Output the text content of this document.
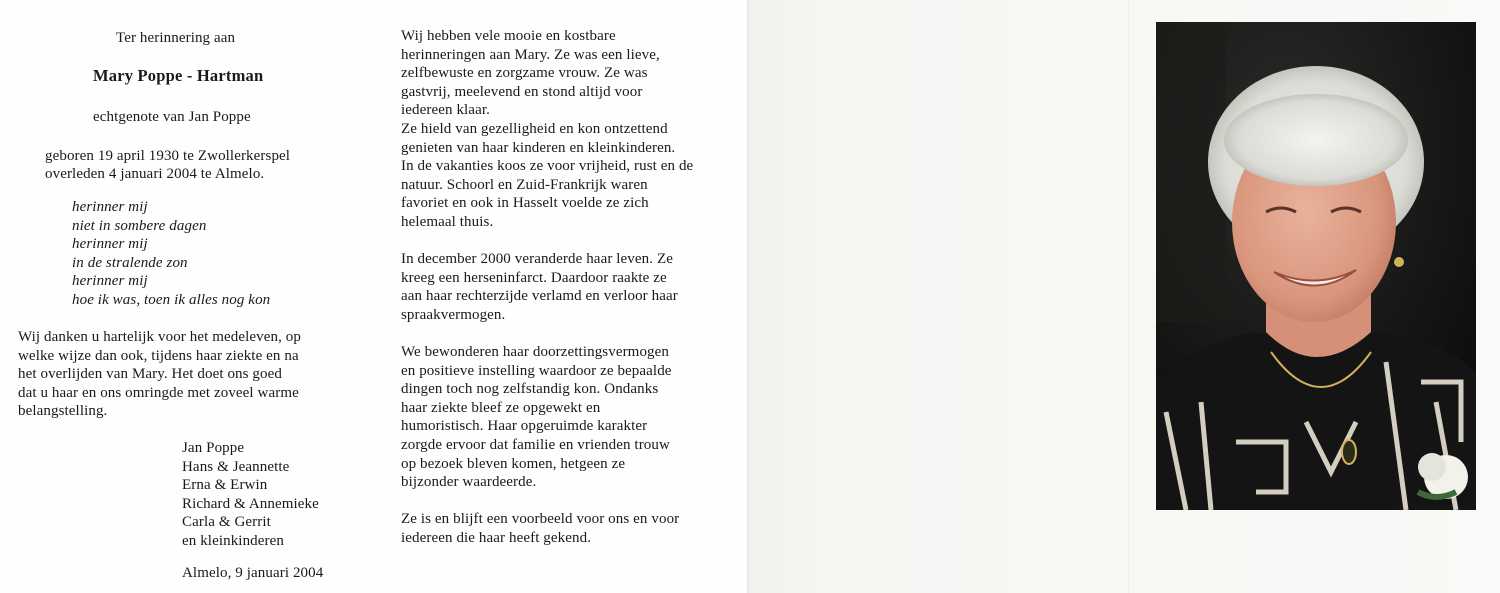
Ter herinnering aan
Mary Poppe - Hartman
echtgenote van Jan Poppe
geboren 19 april 1930 te Zwollerkerspel
overleden 4 januari 2004 te Almelo.
herinner mij
niet in sombere dagen
herinner mij
in de stralende zon
herinner mij
hoe ik was, toen ik alles nog kon
Wij danken u hartelijk voor het medeleven, op
welke wijze dan ook, tijdens haar ziekte en na
het overlijden van Mary. Het doet ons goed
dat u haar en ons omringde met zoveel warme
belangstelling.
Jan Poppe
Hans & Jeannette
Erna & Erwin
Richard & Annemieke
Carla & Gerrit
en kleinkinderen
Almelo, 9 januari 2004
Wij hebben vele mooie en kostbare
herinneringen aan Mary. Ze was een lieve,
zelfbewuste en zorgzame vrouw. Ze was
gastvrij, meelevend en stond altijd voor
iedereen klaar.
Ze hield van gezelligheid en kon ontzettend
genieten van haar kinderen en kleinkinderen.
In de vakanties koos ze voor vrijheid, rust en de
natuur. Schoorl en Zuid-Frankrijk waren
favoriet en ook in Hasselt voelde ze zich
helemaal thuis.
In december 2000 veranderde haar leven. Ze
kreeg een herseninfarct. Daardoor raakte ze
aan haar rechterzijde verlamd en verloor haar
spraakvermogen.
We bewonderen haar doorzettingsvermogen
en positieve instelling waardoor ze bepaalde
dingen toch nog zelfstandig kon. Ondanks
haar ziekte bleef ze opgewekt en
humoristisch. Haar opgeruimde karakter
zorgde ervoor dat familie en vrienden trouw
op bezoek bleven komen, hetgeen ze
bijzonder waardeerde.
Ze is en blijft een voorbeeld voor ons en voor
iedereen die haar heeft gekend.
